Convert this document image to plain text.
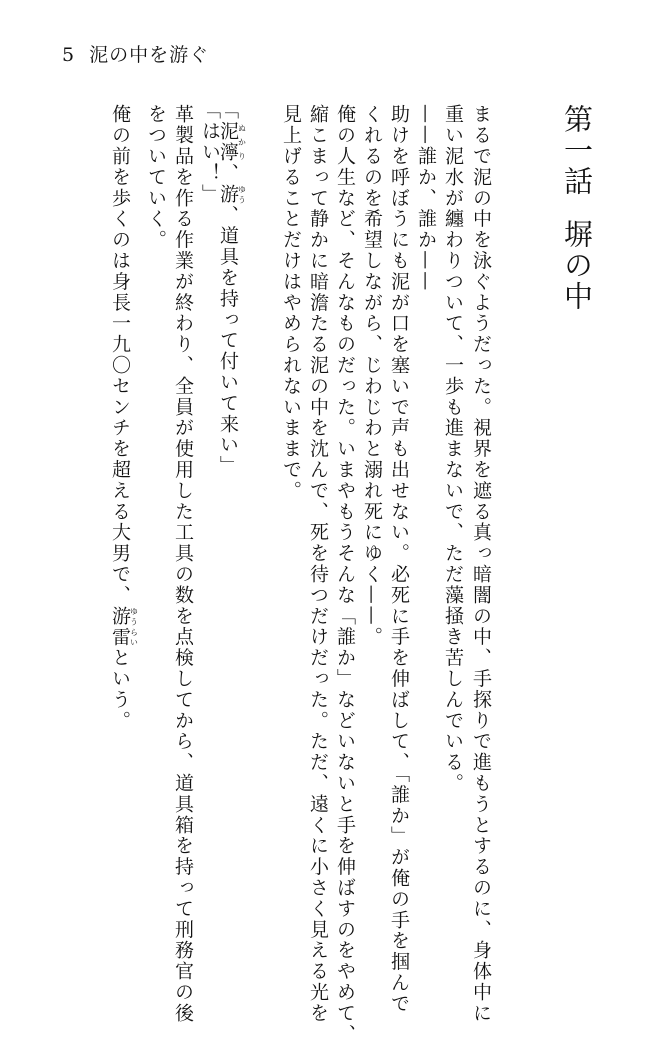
5 泥の中を游ぐ
第一話塀の中
まるで泥の中を泳ぐようだった。視界を遮る真っ暗闇の中、手探りで進もうとするのに、身体中に
重い泥水が纏わりついて、一歩も進まないで、ただ藻掻き苦しんでいる。
——誰か、誰か——
助けを呼ぼうにも泥が口を塞いで声も出せない。必死に手を伸ばして、「誰か」が俺の手を掴んで
くれるのを希望しながら、じわじわと溺れ死にゆく——。
俺の人生など、そんなものだった。いまやもうそんな「誰か」などいないと手を伸ばすのをやめて、
縮こまって静かに暗澹たる泥の中を沈んで、死を待つだけだった。ただ、遠くに小さく見える光を
見上げることだけはやめられないままで。
「泥濘ぬかり、游ゆう、道具を持って付いて来い」
「はい！」
革製品を作る作業が終わり、全員が使用した工具の数を点検してから、道具箱を持って刑務官の後
をついていく。
俺の前を歩くのは身長一九〇センチを超える大男で、游雷ゆうらいという。
